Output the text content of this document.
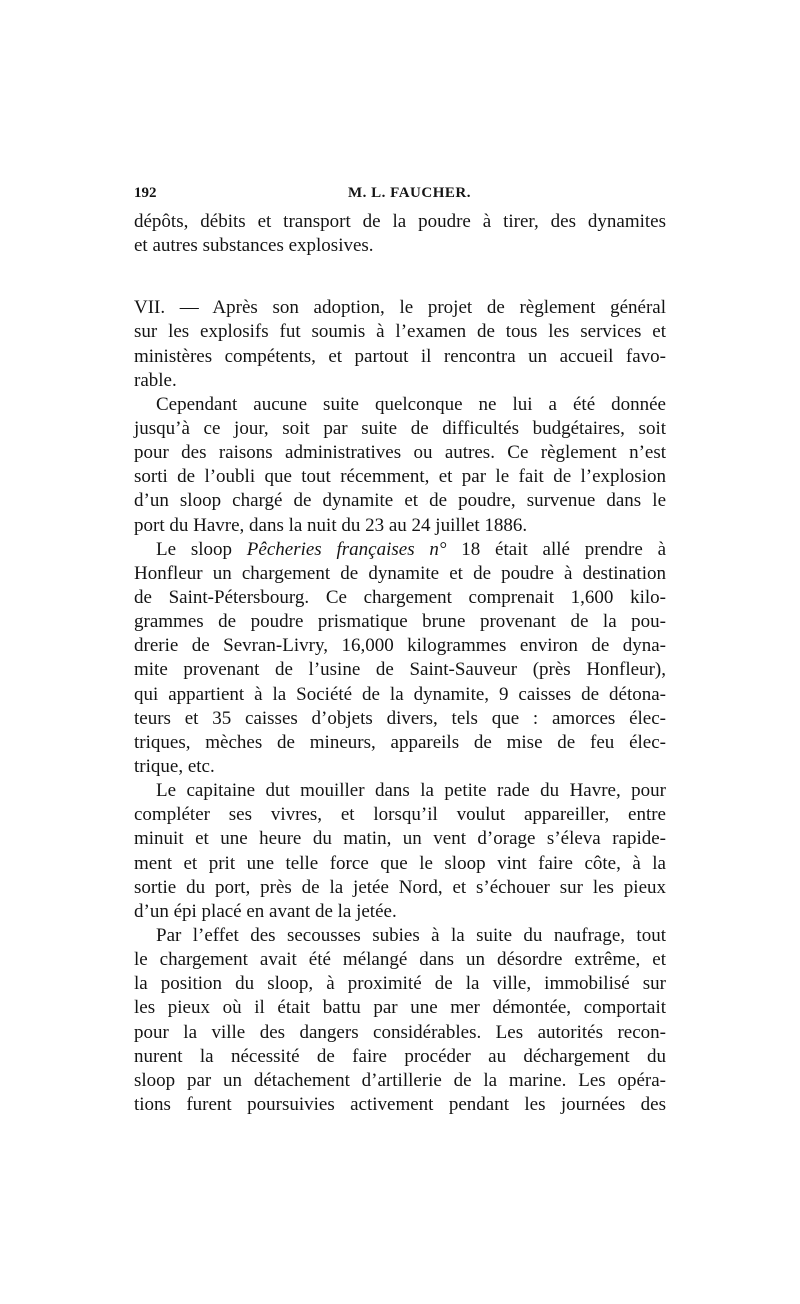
192	M. L. FAUCHER.
dépôts, débits et transport de la poudre à tirer, des dynamites
et autres substances explosives.
VII. — Après son adoption, le projet de règlement général
sur les explosifs fut soumis à l’examen de tous les services et
ministères compétents, et partout il rencontra un accueil favo-
rable.
Cependant aucune suite quelconque ne lui a été donnée
jusqu’à ce jour, soit par suite de difficultés budgétaires, soit
pour des raisons administratives ou autres. Ce règlement n’est
sorti de l’oubli que tout récemment, et par le fait de l’explosion
d’un sloop chargé de dynamite et de poudre, survenue dans le
port du Havre, dans la nuit du 23 au 24 juillet 1886.
Le sloop Pêcheries françaises n° 18 était allé prendre à
Honfleur un chargement de dynamite et de poudre à destination
de Saint-Pétersbourg. Ce chargement comprenait 1,600 kilo-
grammes de poudre prismatique brune provenant de la pou-
drerie de Sevran-Livry, 16,000 kilogrammes environ de dyna-
mite provenant de l’usine de Saint-Sauveur (près Honfleur),
qui appartient à la Société de la dynamite, 9 caisses de détona-
teurs et 35 caisses d’objets divers, tels que : amorces élec-
triques, mèches de mineurs, appareils de mise de feu élec-
trique, etc.
Le capitaine dut mouiller dans la petite rade du Havre, pour
compléter ses vivres, et lorsqu’il voulut appareiller, entre
minuit et une heure du matin, un vent d’orage s’éleva rapide-
ment et prit une telle force que le sloop vint faire côte, à la
sortie du port, près de la jetée Nord, et s’échouer sur les pieux
d’un épi placé en avant de la jetée.
Par l’effet des secousses subies à la suite du naufrage, tout
le chargement avait été mélangé dans un désordre extrême, et
la position du sloop, à proximité de la ville, immobilisé sur
les pieux où il était battu par une mer démontée, comportait
pour la ville des dangers considérables. Les autorités recon-
nurent la nécessité de faire procéder au déchargement du
sloop par un détachement d’artillerie de la marine. Les opéra-
tions furent poursuivies activement pendant les journées des
